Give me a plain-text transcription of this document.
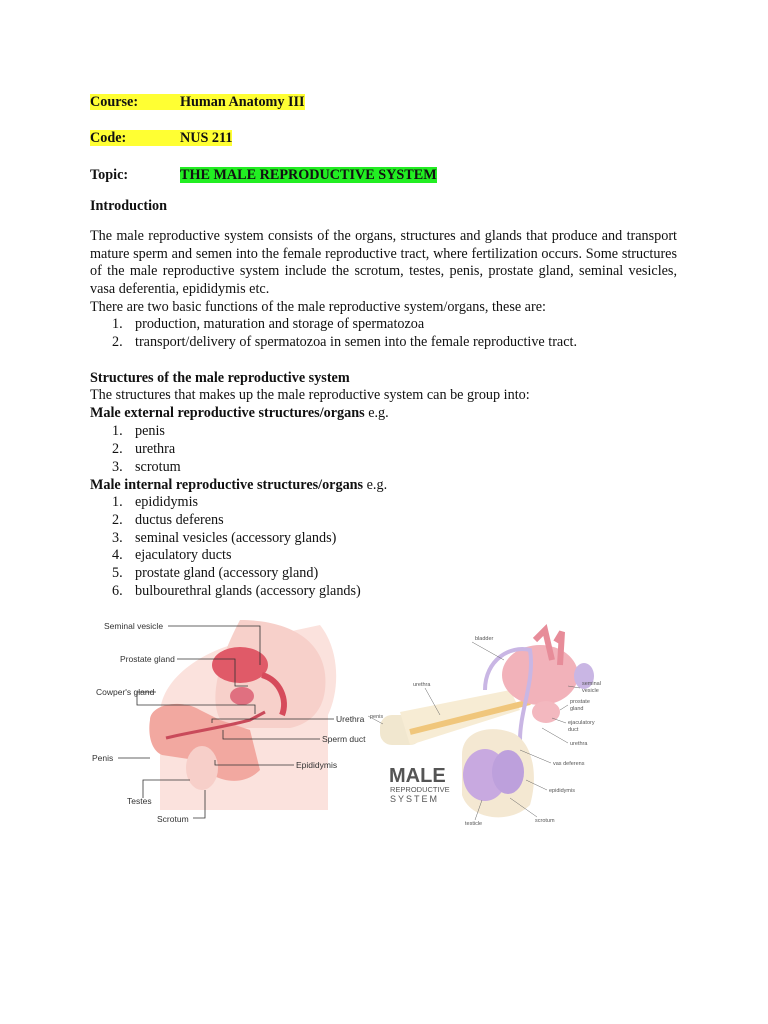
Course:	Human Anatomy III
Code:	NUS 211
Topic:	THE MALE REPRODUCTIVE SYSTEM
Introduction
The male reproductive system consists of the organs, structures and glands that produce and transport mature sperm and semen into the female reproductive tract, where fertilization occurs. Some structures of the male reproductive system include the scrotum, testes, penis, prostate gland, seminal vesicles, vasa deferentia, epididymis etc.
There are two basic functions of the male reproductive system/organs, these are:
1. production, maturation and storage of spermatozoa
2. transport/delivery of spermatozoa in semen into the female reproductive tract.
Structures of the male reproductive system
The structures that makes up the male reproductive system can be group into:
Male external reproductive structures/organs e.g.
1. penis
2. urethra
3. scrotum
Male internal reproductive structures/organs e.g.
1. epididymis
2. ductus deferens
3. seminal vesicles (accessory glands)
4. ejaculatory ducts
5. prostate gland (accessory gland)
6. bulbourethral glands (accessory glands)
Seminal vesicle
Prostate gland
Cowper's gland
Urethra
Sperm duct
Epididymis
Penis
Testes
Scrotum
bladder
urethra
penis
seminal
vesicle
prostate
gland
ejaculatory
duct
urethra
vas deferens
epididymis
testicle	scrotum
MALE
REPRODUCTIVE
SYSTEM
